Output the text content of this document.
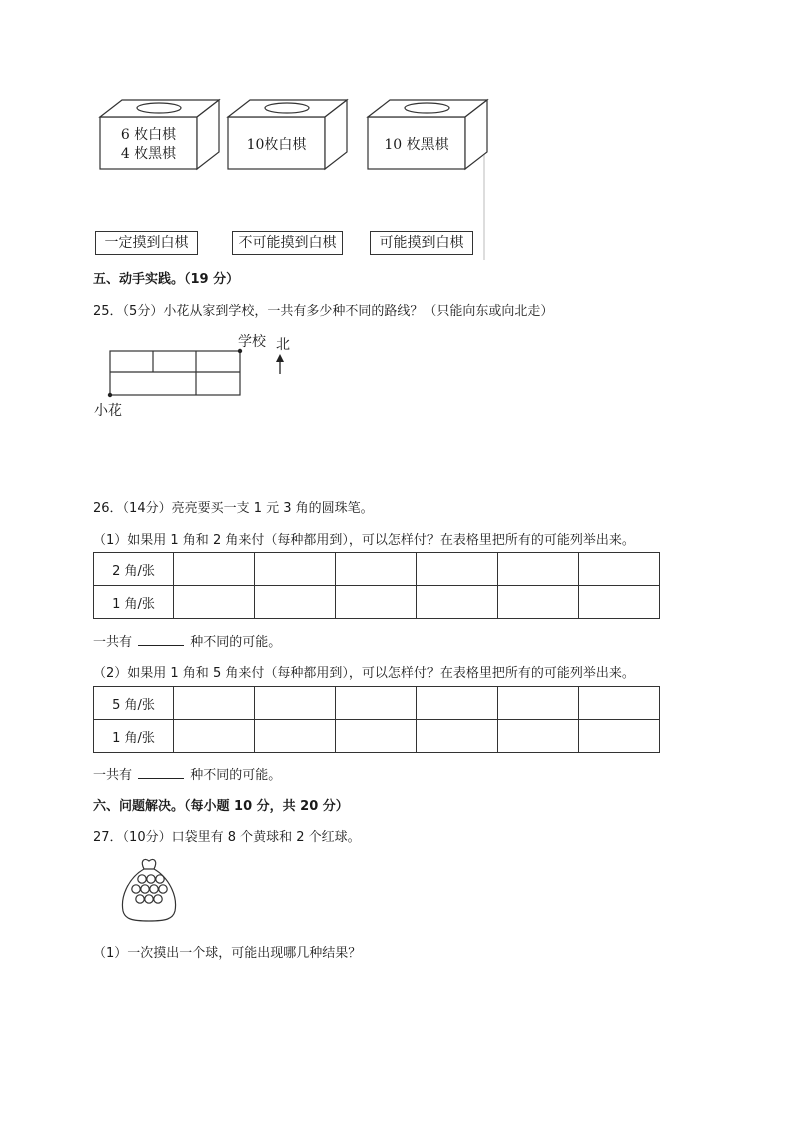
6 枚白棋
4 枚黑棋
10枚白棋	10 枚黑棋
一定摸到白棋	不可能摸到白棋	可能摸到白棋
五、动手实践。（19 分）
25．（5分）小花从家到学校，一共有多少种不同的路线？（只能向东或向北走）
学校 北
小花
26．（14分）亮亮要买一支 1 元 3 角的圆珠笔。
（1）如果用 1 角和 2 角来付（每种都用到），可以怎样付？在表格里把所有的可能列举出来。
2 角/张						
1 角/张						
一共有	种不同的可能。
（2）如果用 1 角和 5 角来付（每种都用到），可以怎样付？在表格里把所有的可能列举出来。
5 角/张						
1 角/张						
一共有	种不同的可能。
六、问题解决。（每小题 10 分，共 20 分）
27．（10分）口袋里有 8 个黄球和 2 个红球。
（1）一次摸出一个球，可能出现哪几种结果？
